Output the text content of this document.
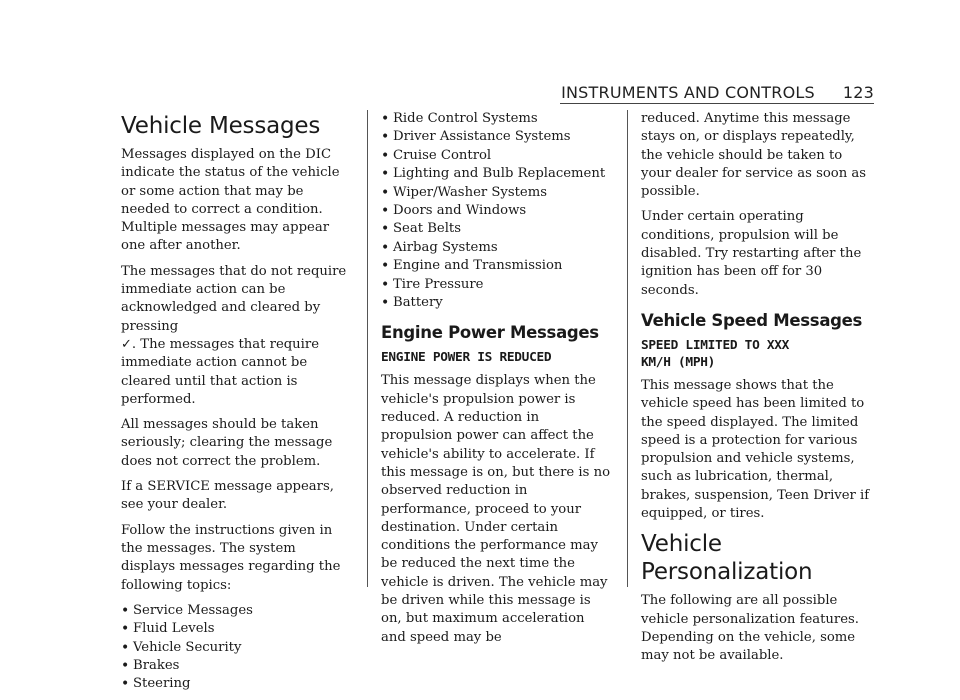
INSTRUMENTS AND CONTROLS 123
Vehicle Messages

Messages displayed on the DIC indicate the status of the vehicle or some action that may be needed to correct a condition. Multiple messages may appear one after another.

The messages that do not require immediate action can be acknowledged and cleared by pressing
✓. The messages that require immediate action cannot be cleared until that action is performed.

All messages should be taken seriously; clearing the message does not correct the problem.

If a SERVICE message appears, see your dealer.

Follow the instructions given in the messages. The system displays messages regarding the following topics:

• Service Messages
• Fluid Levels
• Vehicle Security
• Brakes
• Steering
• Ride Control Systems
• Driver Assistance Systems
• Cruise Control
• Lighting and Bulb Replacement
• Wiper/Washer Systems
• Doors and Windows
• Seat Belts
• Airbag Systems
• Engine and Transmission
• Tire Pressure
• Battery
Engine Power Messages
ENGINE POWER IS REDUCED

This message displays when the vehicle's propulsion power is reduced. A reduction in propulsion power can affect the vehicle's ability to accelerate. If this message is on, but there is no observed reduction in performance, proceed to your destination. Under certain conditions the performance may be reduced the next time the vehicle is driven. The vehicle may be driven while this message is on, but maximum acceleration and speed may be

reduced. Anytime this message stays on, or displays repeatedly, the vehicle should be taken to your dealer for service as soon as possible.

Under certain operating conditions, propulsion will be disabled. Try restarting after the ignition has been off for 30 seconds.

Vehicle Speed Messages
SPEED LIMITED TO XXX
KM/H (MPH)

This message shows that the vehicle speed has been limited to the speed displayed. The limited speed is a protection for various propulsion and vehicle systems, such as lubrication, thermal, brakes, suspension, Teen Driver if equipped, or tires.

Vehicle Personalization

The following are all possible vehicle personalization features. Depending on the vehicle, some may not be available.
